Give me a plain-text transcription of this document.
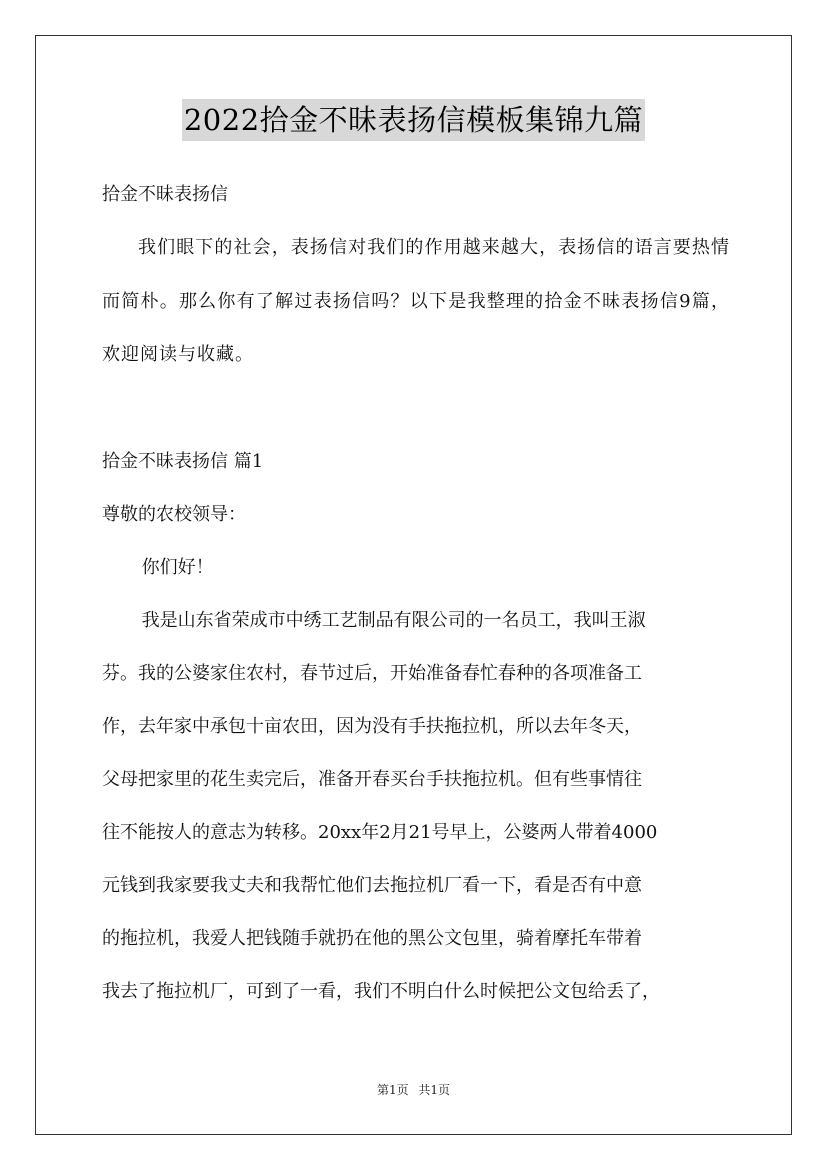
2022拾金不昧表扬信模板集锦九篇
拾金不昧表扬信
我们眼下的社会，表扬信对我们的作用越来越大，表扬信的语言要热情而简朴。那么你有了解过表扬信吗？以下是我整理的拾金不昧表扬信9篇，欢迎阅读与收藏。
拾金不昧表扬信 篇1
尊敬的农校领导：
你们好！
我是山东省荣成市中绣工艺制品有限公司的一名员工，我叫王淑
芬。我的公婆家住农村，春节过后，开始准备春忙春种的各项准备工
作，去年家中承包十亩农田，因为没有手扶拖拉机，所以去年冬天，
父母把家里的花生卖完后，准备开春买台手扶拖拉机。但有些事情往
往不能按人的意志为转移。20xx年2月21号早上，公婆两人带着4000
元钱到我家要我丈夫和我帮忙他们去拖拉机厂看一下，看是否有中意
的拖拉机，我爱人把钱随手就扔在他的黑公文包里，骑着摩托车带着
我去了拖拉机厂，可到了一看，我们不明白什么时候把公文包给丢了，
第1页 共1页
